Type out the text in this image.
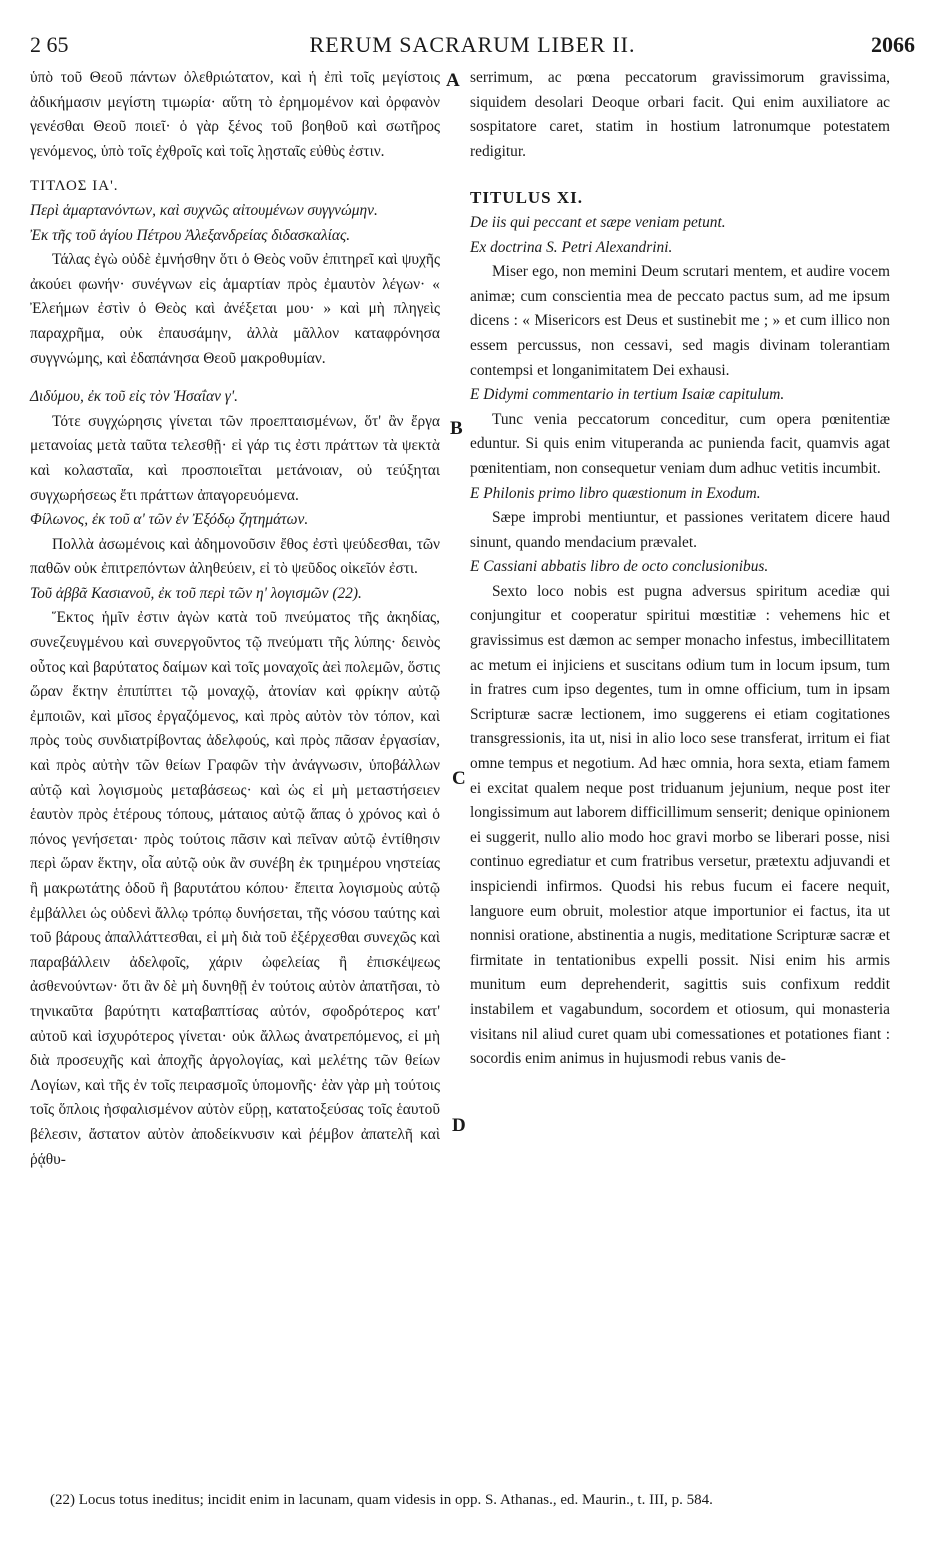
2 65	RERUM SACRARUM LIBER II.	2066

ὑπὸ τοῦ Θεοῦ πάντων ὀλεθριώτατον, καὶ ἡ ἐπὶ τοῖς μεγίστοις ἀδικήμασιν μεγίστη τιμωρία· αὕτη τὸ ἐρημομένον καὶ ὀρφανὸν γενέσθαι Θεοῦ ποιεῖ· ὁ γὰρ ξένος τοῦ βοηθοῦ καὶ σωτῆρος γενόμενος, ὑπὸ τοῖς ἐχθροῖς καὶ τοῖς λῃσταῖς εὐθὺς ἐστιν.

ΤΙΤΛΟΣ ΙΑ'.

Περὶ ἁμαρτανόντων, καὶ συχνῶς αἰτουμένων συγγνώμην.

Ἐκ τῆς τοῦ ἁγίου Πέτρου Ἀλεξανδρείας διδασκαλίας.

Τάλας ἐγὼ οὐδὲ ἐμνήσθην ὅτι ὁ Θεὸς νοῦν ἐπιτηρεῖ καὶ ψυχῆς ἀκούει φωνήν· συνέγνων εἰς ἁμαρτίαν πρὸς ἐμαυτὸν λέγων· « Ἐλεήμων ἐστὶν ὁ Θεὸς καὶ ἀνέξεται μου· » καὶ μὴ πληγεὶς παραχρῆμα, οὐκ ἐπαυσάμην, ἀλλὰ μᾶλλον καταφρόνησα συγγνώμης, καὶ ἐδαπάνησα Θεοῦ μακροθυμίαν.

Διδύμου, ἐκ τοῦ εἰς τὸν Ἡσαΐαν γ'.

Τότε συγχώρησις γίνεται τῶν προεπταισμένων, ὅτ' ἂν ἔργα μετανοίας μετὰ ταῦτα τελεσθῇ· εἰ γάρ τις ἐστι πράττων τὰ ψεκτὰ καὶ κολασταῖα, καὶ προσποιεῖται μετάνοιαν, οὐ τεύξηται συγχωρήσεως ἔτι πράττων ἀπαγορευόμενα.

Φίλωνος, ἐκ τοῦ α' τῶν ἐν Ἐξόδῳ ζητημάτων.

Πολλὰ ἀσωμένοις καὶ ἀδημονοῦσιν ἔθος ἐστὶ ψεύδεσθαι, τῶν παθῶν οὐκ ἐπιτρεπόντων ἀληθεύειν, εἰ τὸ ψεῦδος οἰκεῖόν ἐστι.

Τοῦ ἀββᾶ Κασιανοῦ, ἐκ τοῦ περὶ τῶν η' λογισμῶν (22).

Ἕκτος ἡμῖν ἐστιν ἀγὼν κατὰ τοῦ πνεύματος τῆς ἀκηδίας, συνεζευγμένου καὶ συνεργοῦντος τῷ πνεύματι τῆς λύπης· δεινὸς οὗτος καὶ βαρύτατος δαίμων καὶ τοῖς μοναχοῖς ἀεὶ πολεμῶν, ὅστις ὥραν ἕκτην ἐπιπίπτει τῷ μοναχῷ, ἀτονίαν καὶ φρίκην αὐτῷ ἐμποιῶν, καὶ μῖσος ἐργαζόμενος, καὶ πρὸς αὐτὸν τὸν τόπον, καὶ πρὸς τοὺς συνδιατρίβοντας ἀδελφούς, καὶ πρὸς πᾶσαν ἐργασίαν, καὶ πρὸς αὐτὴν τῶν θείων Γραφῶν τὴν ἀνάγνωσιν, ὑποβάλλων αὐτῷ καὶ λογισμοὺς μεταβάσεως· καὶ ὡς εἰ μὴ μεταστήσειεν ἑαυτὸν πρὸς ἑτέρους τόπους, μάταιος αὐτῷ ἅπας ὁ χρόνος καὶ ὁ πόνος γενήσεται· πρὸς τούτοις πᾶσιν καὶ πεῖναν αὐτῷ ἐντίθησιν περὶ ὥραν ἕκτην, οἷα αὐτῷ οὐκ ἂν συνέβη ἐκ τριημέρου νηστείας ἢ μακρωτάτης ὁδοῦ ἢ βαρυτάτου κόπου· ἔπειτα λογισμοὺς αὐτῷ ἐμβάλλει ὡς οὐδενὶ ἄλλῳ τρόπῳ δυνήσεται, τῆς νόσου ταύτης καὶ τοῦ βάρους ἀπαλλάττεσθαι, εἰ μὴ διὰ τοῦ ἐξέρχεσθαι συνεχῶς καὶ παραβάλλειν ἀδελφοῖς, χάριν ὠφελείας ἢ ἐπισκέψεως ἀσθενούντων· ὅτι ἂν δὲ μὴ δυνηθῇ ἐν τούτοις αὐτὸν ἀπατῆσαι, τὸ τηνικαῦτα βαρύτητι καταβαπτίσας αὐτόν, σφοδρότερος κατ' αὐτοῦ καὶ ἰσχυρότερος γίνεται· οὐκ ἄλλως ἀνατρεπόμενος, εἰ μὴ διὰ προσευχῆς καὶ ἀποχῆς ἀργολογίας, καὶ μελέτης τῶν θείων Λογίων, καὶ τῆς ἐν τοῖς πειρασμοῖς ὑπομονῆς· ἐὰν γὰρ μὴ τούτοις τοῖς ὅπλοις ἠσφαλισμένον αὐτὸν εὕρῃ, κατατοξεύσας τοῖς ἑαυτοῦ βέλεσιν, ἄστατον αὐτὸν ἀποδείκνυσιν καὶ ῥέμβον ἀπατελῆ καὶ ῥᾴθυ-

serrimum, ac pœna peccatorum gravissimorum gravissima, siquidem desolari Deoque orbari facit. Qui enim auxiliatore ac sospitatore caret, statim in hostium latronumque potestatem redigitur.

TITULUS XI.

De iis qui peccant et sæpe veniam petunt.

Ex doctrina S. Petri Alexandrini.

Miser ego, non memini Deum scrutari mentem, et audire vocem animæ; cum conscientia mea de peccato pactus sum, ad me ipsum dicens : « Misericors est Deus et sustinebit me ; » et cum illico non essem percussus, non cessavi, sed magis divinam tolerantiam contempsi et longanimitatem Dei exhausi.

E Didymi commentario in tertium Isaiæ capitulum.

Tunc venia peccatorum conceditur, cum opera pœnitentiæ eduntur. Si quis enim vituperanda ac punienda facit, quamvis agat pœnitentiam, non consequetur veniam dum adhuc vetitis incumbit.

E Philonis primo libro quæstionum in Exodum.

Sæpe improbi mentiuntur, et passiones veritatem dicere haud sinunt, quando mendacium prævalet.

E Cassiani abbatis libro de octo conclusionibus.

Sexto loco nobis est pugna adversus spiritum acediæ qui conjungitur et cooperatur spiritui mœstitiæ : vehemens hic et gravissimus est dæmon ac semper monacho infestus, imbecillitatem ac metum ei injiciens et suscitans odium tum in locum ipsum, tum in fratres cum ipso degentes, tum in omne officium, tum in ipsam Scripturæ sacræ lectionem, imo suggerens ei etiam cogitationes transgressionis, ita ut, nisi in alio loco sese transferat, irritum ei fiat omne tempus et negotium. Ad hæc omnia, hora sexta, etiam famem ei excitat qualem neque post triduanum jejunium, neque post iter longissimum aut laborem difficillimum senserit; denique opinionem ei suggerit, nullo alio modo hoc gravi morbo se liberari posse, nisi continuo egrediatur et cum fratribus versetur, prætextu adjuvandi et inspiciendi infirmos. Quodsi his rebus fucum ei facere nequit, languore eum obruit, molestior atque importunior ei factus, ita ut nonnisi oratione, abstinentia a nugis, meditatione Scripturæ sacræ et firmitate in tentationibus expelli possit. Nisi enim his armis munitum eum deprehenderit, sagittis suis confixum reddit instabilem et vagabundum, socordem et otiosum, qui monasteria visitans nil aliud curet quam ubi comessationes et potationes fiant : socordis enim animus in hujusmodi rebus vanis de-

A
B
C
D
(22) Locus totus ineditus; incidit enim in lacunam, quam videsis in opp. S. Athanas., ed. Maurin., t. III, p. 584.
